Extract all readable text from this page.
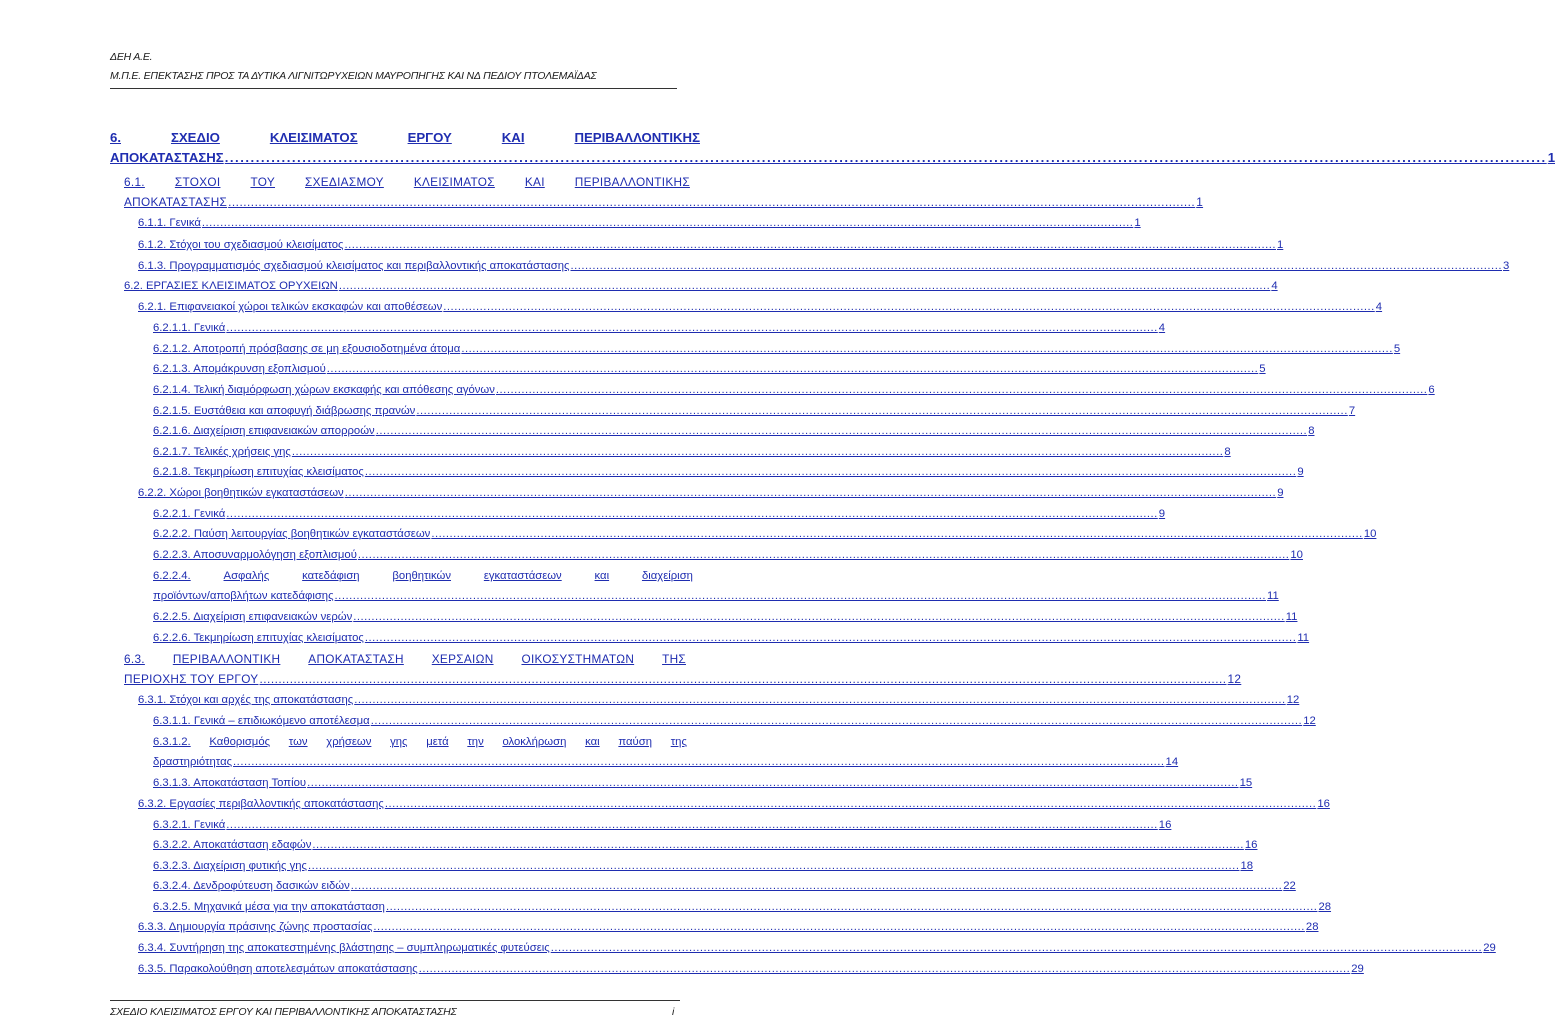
ΔΕΗ Α.Ε.
Μ.Π.Ε. ΕΠΕΚΤΑΣΗΣ ΠΡΟΣ ΤΑ ΔΥΤΙΚΑ ΛΙΓΝΙΤΩΡΥΧΕΙΩΝ ΜΑΥΡΟΠΗΓΗΣ ΚΑΙ ΝΔ ΠΕΔΙΟΥ ΠΤΟΛΕΜΑΪΔΑΣ
6.	ΣΧΕΔΙΟ	ΚΛΕΙΣΙΜΑΤΟΣ	ΕΡΓΟΥ	ΚΑΙ	ΠΕΡΙΒΑΛΛΟΝΤΙΚΗΣ
ΑΠΟΚΑΤΑΣΤΑΣΗΣ .....	1
6.1.	ΣΤΟΧΟΙ	ΤΟΥ	ΣΧΕΔΙΑΣΜΟΥ	ΚΛΕΙΣΙΜΑΤΟΣ	ΚΑΙ	ΠΕΡΙΒΑΛΛΟΝΤΙΚΗΣ
ΑΠΟΚΑΤΑΣΤΑΣΗΣ .....	1
6.1.1. Γενικά .....	1
6.1.2. Στόχοι του σχεδιασμού κλεισίματος .....	1
6.1.3. Προγραμματισμός σχεδιασμού κλεισίματος και περιβαλλοντικής αποκατάστασης .....	3
6.2. ΕΡΓΑΣΙΕΣ ΚΛΕΙΣΙΜΑΤΟΣ ΟΡΥΧΕΙΩΝ .....	4
6.2.1. Επιφανειακοί χώροι τελικών εκσκαφών και αποθέσεων .....	4
6.2.1.1. Γενικά .....	4
6.2.1.2. Αποτροπή πρόσβασης σε μη εξουσιοδοτημένα άτομα .....	5
6.2.1.3. Απομάκρυνση εξοπλισμού .....	5
6.2.1.4. Τελική διαμόρφωση χώρων εκσκαφής και απόθεσης αγόνων .....	6
6.2.1.5. Ευστάθεια και αποφυγή διάβρωσης πρανών .....	7
6.2.1.6. Διαχείριση επιφανειακών απορροών .....	8
6.2.1.7. Τελικές χρήσεις γης .....	8
6.2.1.8. Τεκμηρίωση επιτυχίας κλεισίματος .....	9
6.2.2. Χώροι βοηθητικών εγκαταστάσεων .....	9
6.2.2.1. Γενικά .....	9
6.2.2.2. Παύση λειτουργίας βοηθητικών εγκαταστάσεων .....	10
6.2.2.3. Αποσυναρμολόγηση εξοπλισμού .....	10
6.2.2.4.	Ασφαλής	κατεδάφιση	βοηθητικών	εγκαταστάσεων	και	διαχείριση
προϊόντων/αποβλήτων κατεδάφισης .....	11
6.2.2.5. Διαχείριση επιφανειακών νερών .....	11
6.2.2.6. Τεκμηρίωση επιτυχίας κλεισίματος .....	11
6.3. ΠΕΡΙΒΑΛΛΟΝΤΙΚΗ ΑΠΟΚΑΤΑΣΤΑΣΗ ΧΕΡΣΑΙΩΝ ΟΙΚΟΣΥΣΤΗΜΑΤΩΝ ΤΗΣ
ΠΕΡΙΟΧΗΣ ΤΟΥ ΕΡΓΟΥ .....	12
6.3.1. Στόχοι και αρχές της αποκατάστασης .....	12
6.3.1.1. Γενικά – επιδιωκόμενο αποτέλεσμα .....	12
6.3.1.2. Καθορισμός των χρήσεων γης μετά την ολοκλήρωση και παύση της
δραστηριότητας .....	14
6.3.1.3. Αποκατάσταση Τοπίου .....	15
6.3.2. Εργασίες περιβαλλοντικής αποκατάστασης .....	16
6.3.2.1. Γενικά .....	16
6.3.2.2. Αποκατάσταση εδαφών .....	16
6.3.2.3. Διαχείριση φυτικής γης .....	18
6.3.2.4. Δενδροφύτευση δασικών ειδών .....	22
6.3.2.5. Μηχανικά μέσα για την αποκατάσταση .....	28
6.3.3. Δημιουργία πράσινης ζώνης προστασίας .....	28
6.3.4. Συντήρηση της αποκατεστημένης βλάστησης – συμπληρωματικές φυτεύσεις .....	29
6.3.5. Παρακολούθηση αποτελεσμάτων αποκατάστασης .....	29
ΣΧΕΔΙΟ ΚΛΕΙΣΙΜΑΤΟΣ ΕΡΓΟΥ ΚΑΙ ΠΕΡΙΒΑΛΛΟΝΤΙΚΗΣ ΑΠΟΚΑΤΑΣΤΑΣΗΣ	i
